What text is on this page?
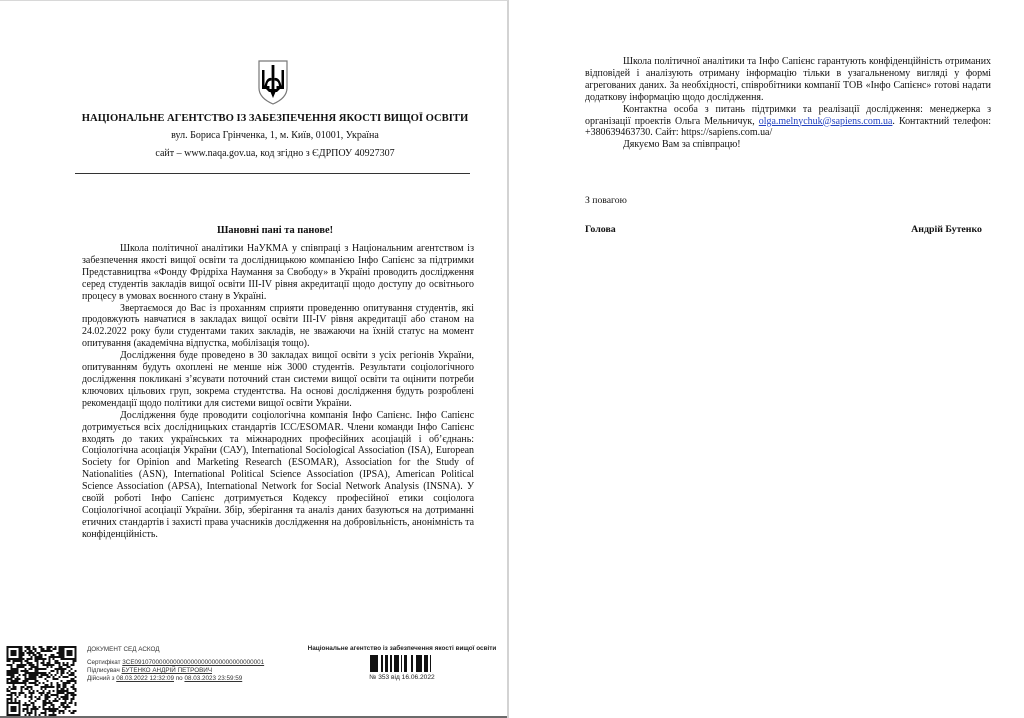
НАЦІОНАЛЬНЕ АГЕНТСТВО ІЗ ЗАБЕЗПЕЧЕННЯ ЯКОСТІ ВИЩОЇ ОСВІТИ
вул. Бориса Грінченка, 1, м. Київ, 01001, Україна
сайт – www.naqa.gov.ua, код згідно з ЄДРПОУ 40927307
Шановні пані та панове!

Школа політичної аналітики НаУКМА у співпраці з Національним агентством із забезпечення якості вищої освіти та дослідницькою компанією Інфо Сапієнс за підтримки Представництва «Фонду Фрідріха Наумання за Свободу» в Україні проводить дослідження серед студентів закладів вищої освіти ІІІ-IV рівня акредитації щодо доступу до освітнього процесу в умовах воєнного стану в Україні.

Звертаємося до Вас із проханням сприяти проведенню опитування студентів, які продовжують навчатися в закладах вищої освіти ІІІ-IV рівня акредитації або станом на 24.02.2022 року були студентами таких закладів, не зважаючи на їхній статус на момент опитування (академічна відпустка, мобілізація тощо).

Дослідження буде проведено в 30 закладах вищої освіти з усіх регіонів України, опитуванням будуть охоплені не менше ніж 3000 студентів. Результати соціологічного дослідження покликані з’ясувати поточний стан системи вищої освіти та оцінити потреби ключових цільових груп, зокрема студентства. На основі дослідження будуть розроблені рекомендації щодо політики для системи вищої освіти України.

Дослідження буде проводити соціологічна компанія Інфо Сапієнс. Інфо Сапієнс дотримується всіх дослідницьких стандартів ICC/ESOMAR. Члени команди Інфо Сапієнс входять до таких українських та міжнародних професійних асоціацій і об’єднань: Соціологічна асоціація України (САУ), International Sociological Association (ISA), European Society for Opinion and Marketing Research (ESOMAR), Association for the Study of Nationalities (ASN), International Political Science Association (IPSA), American Political Science Association (APSA), International Network for Social Network Analysis (INSNA). У своїй роботі Інфо Сапієнс дотримується Кодексу професійної етики соціолога Соціологічної асоціації України. Збір, зберігання та аналіз даних базуються на дотриманні етичних стандартів і захисті права учасників дослідження на добровільність, анонімність та конфіденційність.

ДОКУМЕНТ СЕД АСКОД
Сертифікат 3CE0910700000000000000000000000000000001
Підписувач БУТЕНКО АНДРІЙ ПЕТРОВИЧ
Дійсний з 08.03.2022 12:32:09 по 08.03.2023 23:59:59
Національне агентство із забезпечення якості вищої освіти
№ 353 від 16.06.2022

Школа політичної аналітики та Інфо Сапієнс гарантують конфіденційність отриманих відповідей і аналізують отриману інформацію тільки в узагальненому вигляді у формі агрегованих даних. За необхідності, співробітники компанії ТОВ «Інфо Сапієнс» готові надати додаткову інформацію щодо дослідження.

Контактна особа з питань підтримки та реалізації дослідження: менеджерка з організації проектів Ольга Мельничук, olga.melnychuk@sapiens.com.ua. Контактний телефон: +380639463730. Сайт: https://sapiens.com.ua/

Дякуємо Вам за співпрацю!

З повагою
Голова	Андрій Бутенко
